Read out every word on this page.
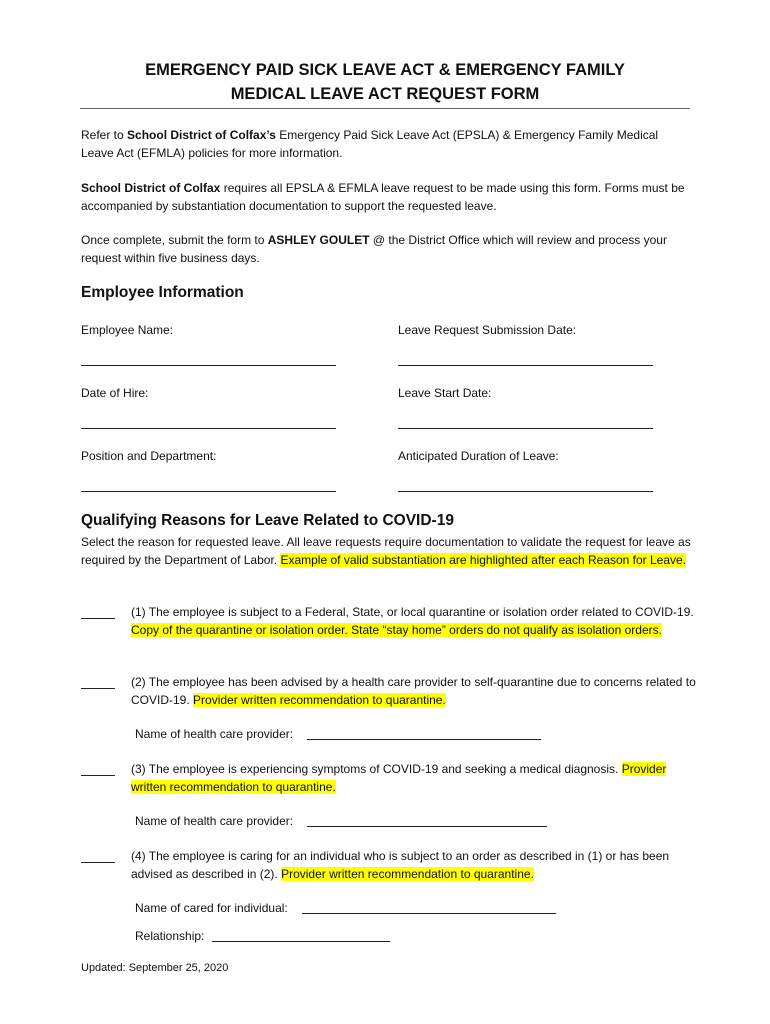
EMERGENCY PAID SICK LEAVE ACT & EMERGENCY FAMILY
MEDICAL LEAVE ACT REQUEST FORM
Refer to School District of Colfax’s Emergency Paid Sick Leave Act (EPSLA) & Emergency Family Medical Leave Act (EFMLA) policies for more information.
School District of Colfax requires all EPSLA & EFMLA leave request to be made using this form. Forms must be accompanied by substantiation documentation to support the requested leave.
Once complete, submit the form to ASHLEY GOULET @ the District Office which will review and process your request within five business days.
Employee Information
Employee Name:	Leave Request Submission Date:
Date of Hire:	Leave Start Date:
Position and Department:	Anticipated Duration of Leave:
Qualifying Reasons for Leave Related to COVID-19
Select the reason for requested leave. All leave requests require documentation to validate the request for leave as required by the Department of Labor. Example of valid substantiation are highlighted after each Reason for Leave.
(1) The employee is subject to a Federal, State, or local quarantine or isolation order related to COVID-19. Copy of the quarantine or isolation order. State “stay home” orders do not qualify as isolation orders.
(2) The employee has been advised by a health care provider to self-quarantine due to concerns related to COVID-19. Provider written recommendation to quarantine.
Name of health care provider:
(3) The employee is experiencing symptoms of COVID-19 and seeking a medical diagnosis. Provider written recommendation to quarantine.
Name of health care provider:
(4) The employee is caring for an individual who is subject to an order as described in (1) or has been advised as described in (2). Provider written recommendation to quarantine.
Name of cared for individual:
Relationship:
Updated: September 25, 2020
